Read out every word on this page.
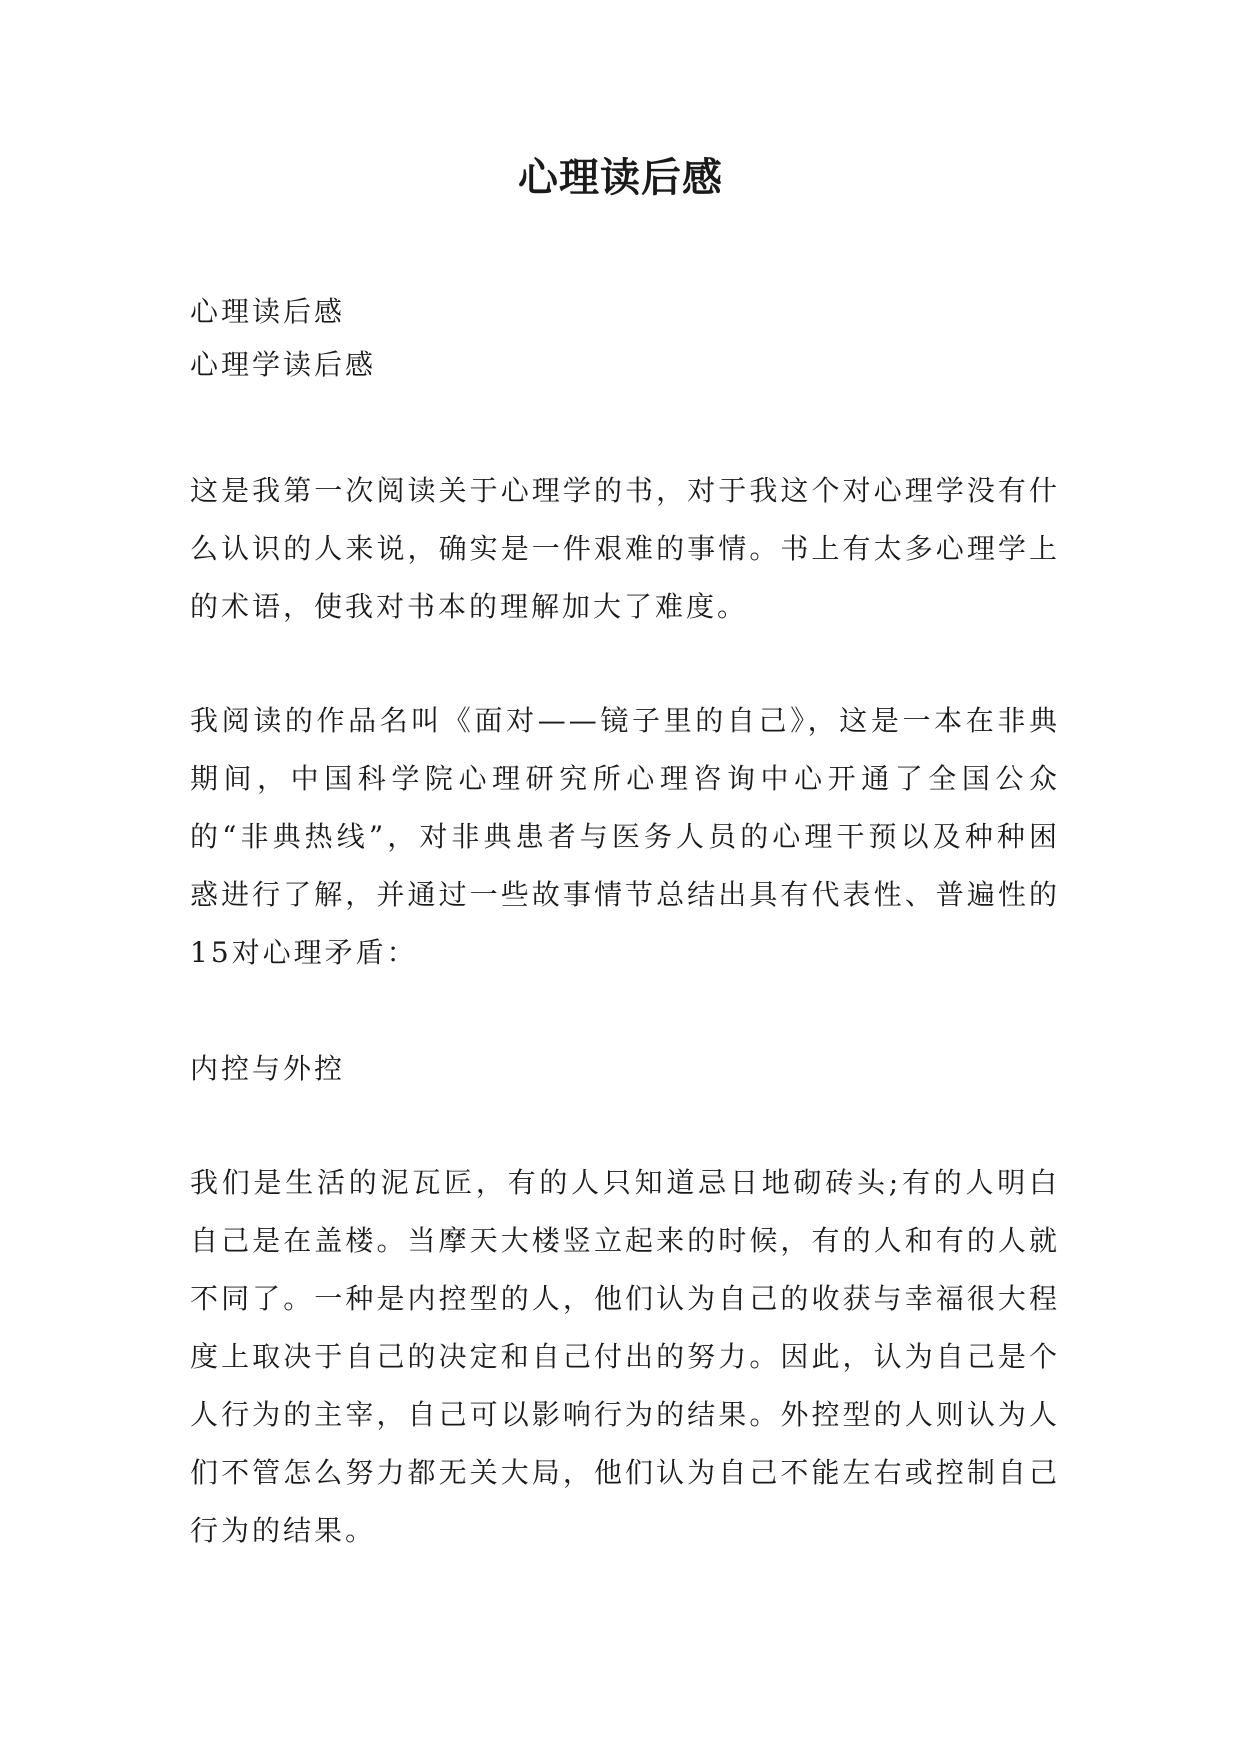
心理读后感

心理读后感

心理学读后感

这是我第一次阅读关于心理学的书，对于我这个对心理学没有什么认识的人来说，确实是一件艰难的事情。书上有太多心理学上的术语，使我对书本的理解加大了难度。

我阅读的作品名叫《面对——镜子里的自己》，这是一本在非典期间，中国科学院心理研究所心理咨询中心开通了全国公众的“非典热线”，对非典患者与医务人员的心理干预以及种种困惑进行了解，并通过一些故事情节总结出具有代表性、普遍性的15对心理矛盾：

内控与外控

我们是生活的泥瓦匠，有的人只知道忌日地砌砖头;有的人明白自己是在盖楼。当摩天大楼竖立起来的时候，有的人和有的人就不同了。一种是内控型的人，他们认为自己的收获与幸福很大程度上取决于自己的决定和自己付出的努力。因此，认为自己是个人行为的主宰，自己可以影响行为的结果。外控型的人则认为人们不管怎么努力都无关大局，他们认为自己不能左右或控制自己行为的结果。
